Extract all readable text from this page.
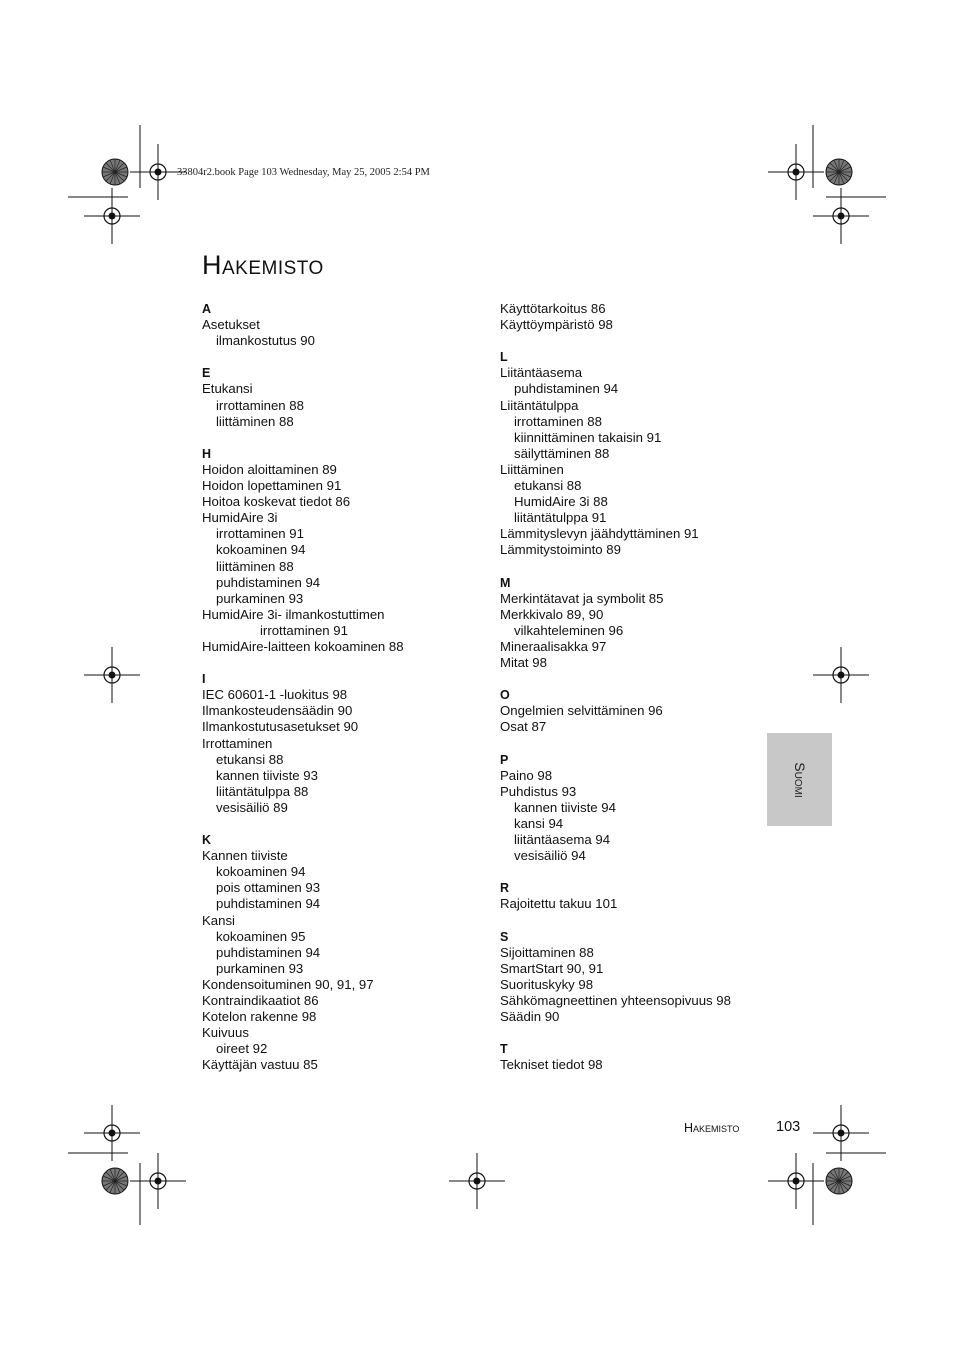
33804r2.book Page 103 Wednesday, May 25, 2005 2:54 PM
Hakemisto
A
Asetukset
ilmankostutus 90
E
Etukansi
irrottaminen 88
liittäminen 88
H
Hoidon aloittaminen 89
Hoidon lopettaminen 91
Hoitoa koskevat tiedot 86
HumidAire 3i
irrottaminen 91
kokoaminen 94
liittäminen 88
puhdistaminen 94
purkaminen 93
HumidAire 3i- ilmankostuttimen
irrottaminen 91
HumidAire-laitteen kokoaminen 88
I
IEC 60601-1 -luokitus 98
Ilmankosteudensäädin 90
Ilmankostutusasetukset 90
Irrottaminen
etukansi 88
kannen tiiviste 93
liitäntätulppa 88
vesisäiliö 89
K
Kannen tiiviste
kokoaminen 94
pois ottaminen 93
puhdistaminen 94
Kansi
kokoaminen 95
puhdistaminen 94
purkaminen 93
Kondensoituminen 90, 91, 97
Kontraindikaatiot 86
Kotelon rakenne 98
Kuivuus
oireet 92
Käyttäjän vastuu 85
Käyttötarkoitus 86
Käyttöympäristö 98
L
Liitäntäasema
puhdistaminen 94
Liitäntätulppa
irrottaminen 88
kiinnittäminen takaisin 91
säilyttäminen 88
Liittäminen
etukansi 88
HumidAire 3i 88
liitäntätulppa 91
Lämmityslevyn jäähdyttäminen 91
Lämmitystoiminto 89
M
Merkintätavat ja symbolit 85
Merkkivalo 89, 90
vilkahteleminen 96
Mineraalisakka 97
Mitat 98
O
Ongelmien selvittäminen 96
Osat 87
P
Paino 98
Puhdistus 93
kannen tiiviste 94
kansi 94
liitäntäasema 94
vesisäiliö 94
R
Rajoitettu takuu 101
S
Sijoittaminen 88
SmartStart 90, 91
Suorituskyky 98
Sähkömagneettinen yhteensopivuus 98
Säädin 90
T
Tekniset tiedot 98
Suomi
Hakemisto	103
